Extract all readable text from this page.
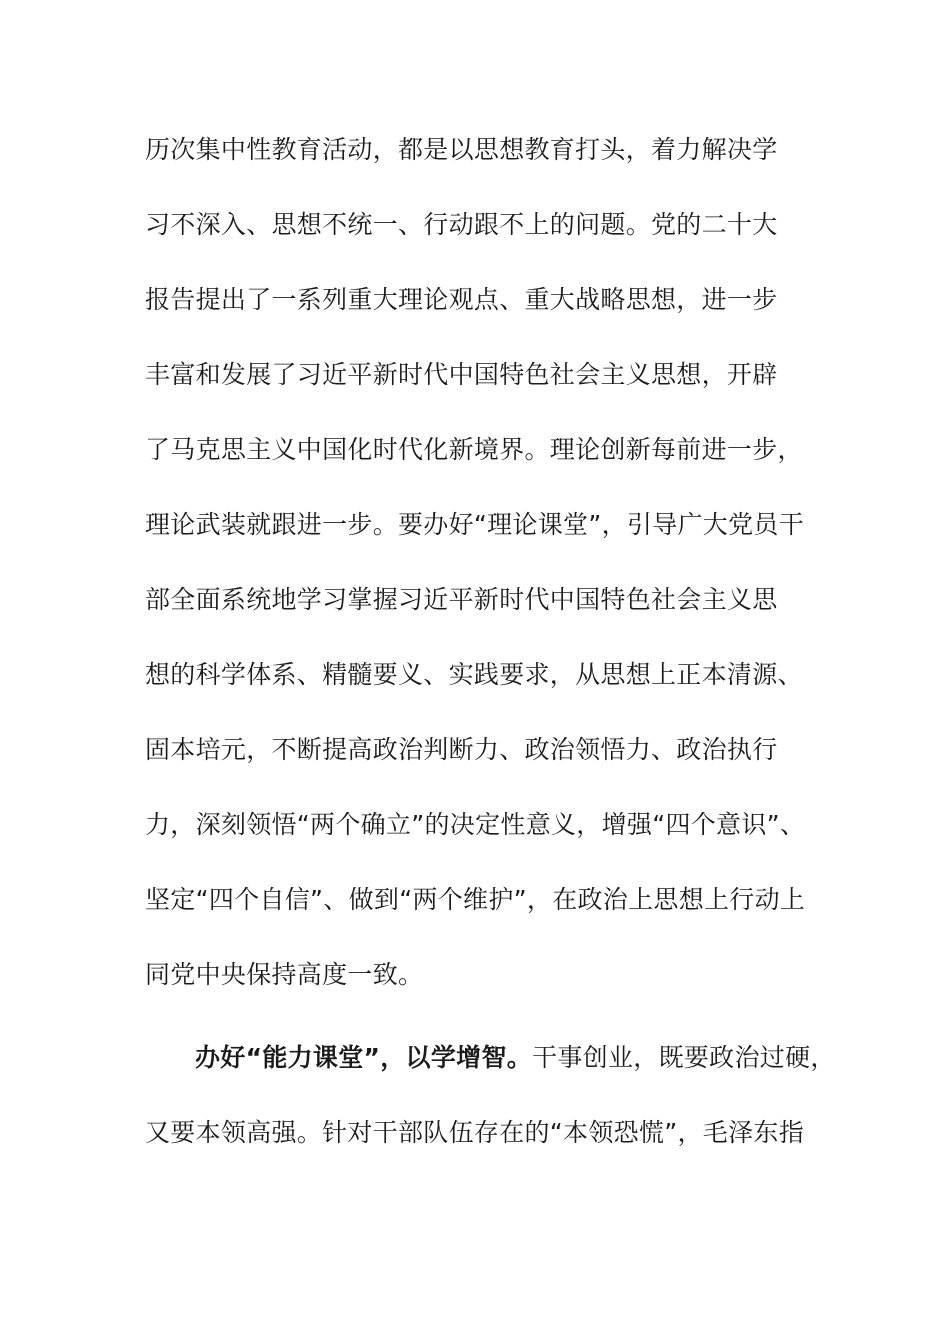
历次集中性教育活动，都是以思想教育打头，着力解决学
习不深入、思想不统一、行动跟不上的问题。党的二十大
报告提出了一系列重大理论观点、重大战略思想，进一步
丰富和发展了习近平新时代中国特色社会主义思想，开辟
了马克思主义中国化时代化新境界。理论创新每前进一步，
理论武装就跟进一步。要办好“理论课堂”，引导广大党员干
部全面系统地学习掌握习近平新时代中国特色社会主义思
想的科学体系、精髓要义、实践要求，从思想上正本清源、
固本培元，不断提高政治判断力、政治领悟力、政治执行
力，深刻领悟“两个确立”的决定性意义，增强“四个意识”、
坚定“四个自信”、做到“两个维护”，在政治上思想上行动上
同党中央保持高度一致。
办好“能力课堂”，以学增智。干事创业，既要政治过硬，
又要本领高强。针对干部队伍存在的“本领恐慌”，毛泽东指
